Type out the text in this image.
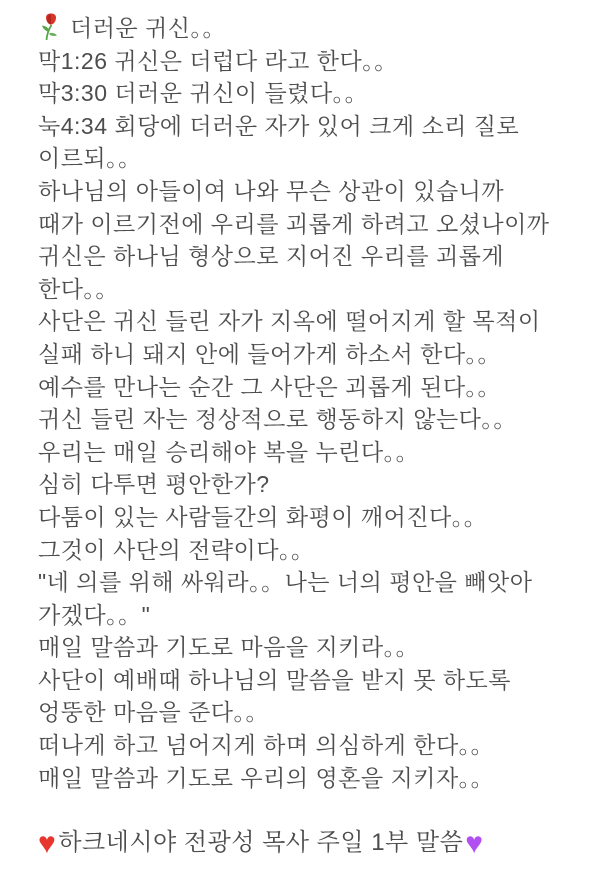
더러운 귀신。。
막1:26 귀신은 더럽다 라고 한다。。
막3:30 더러운 귀신이 들렸다。。
눅4:34 회당에 더러운 자가 있어 크게 소리 질로
이르되。。
하나님의 아들이여 나와 무슨 상관이 있습니까
때가 이르기전에 우리를 괴롭게 하려고 오셨나이까
귀신은 하나님 형상으로 지어진 우리를 괴롭게
한다。。
사단은 귀신 들린 자가 지옥에 떨어지게 할 목적이
실패 하니 돼지 안에 들어가게 하소서 한다。。
예수를 만나는 순간 그 사단은 괴롭게 된다。。
귀신 들린 자는 정상적으로 행동하지 않는다。。
우리는 매일 승리해야 복을 누린다。。
심히 다투면 평안한가?
다툼이 있는 사람들간의 화평이 깨어진다。。
그것이 사단의 전략이다。。
"네 의를 위해 싸워라。。나는 너의 평안을 빼앗아
가겠다。。"
매일 말씀과 기도로 마음을 지키라。。
사단이 예배때 하나님의 말씀을 받지 못 하도록
엉뚱한 마음을 준다。。
떠나게 하고 넘어지게 하며 의심하게 한다。。
매일 말씀과 기도로 우리의 영혼을 지키자。。
♥하크네시야 전광성 목사 주일 1부 말씀♥
